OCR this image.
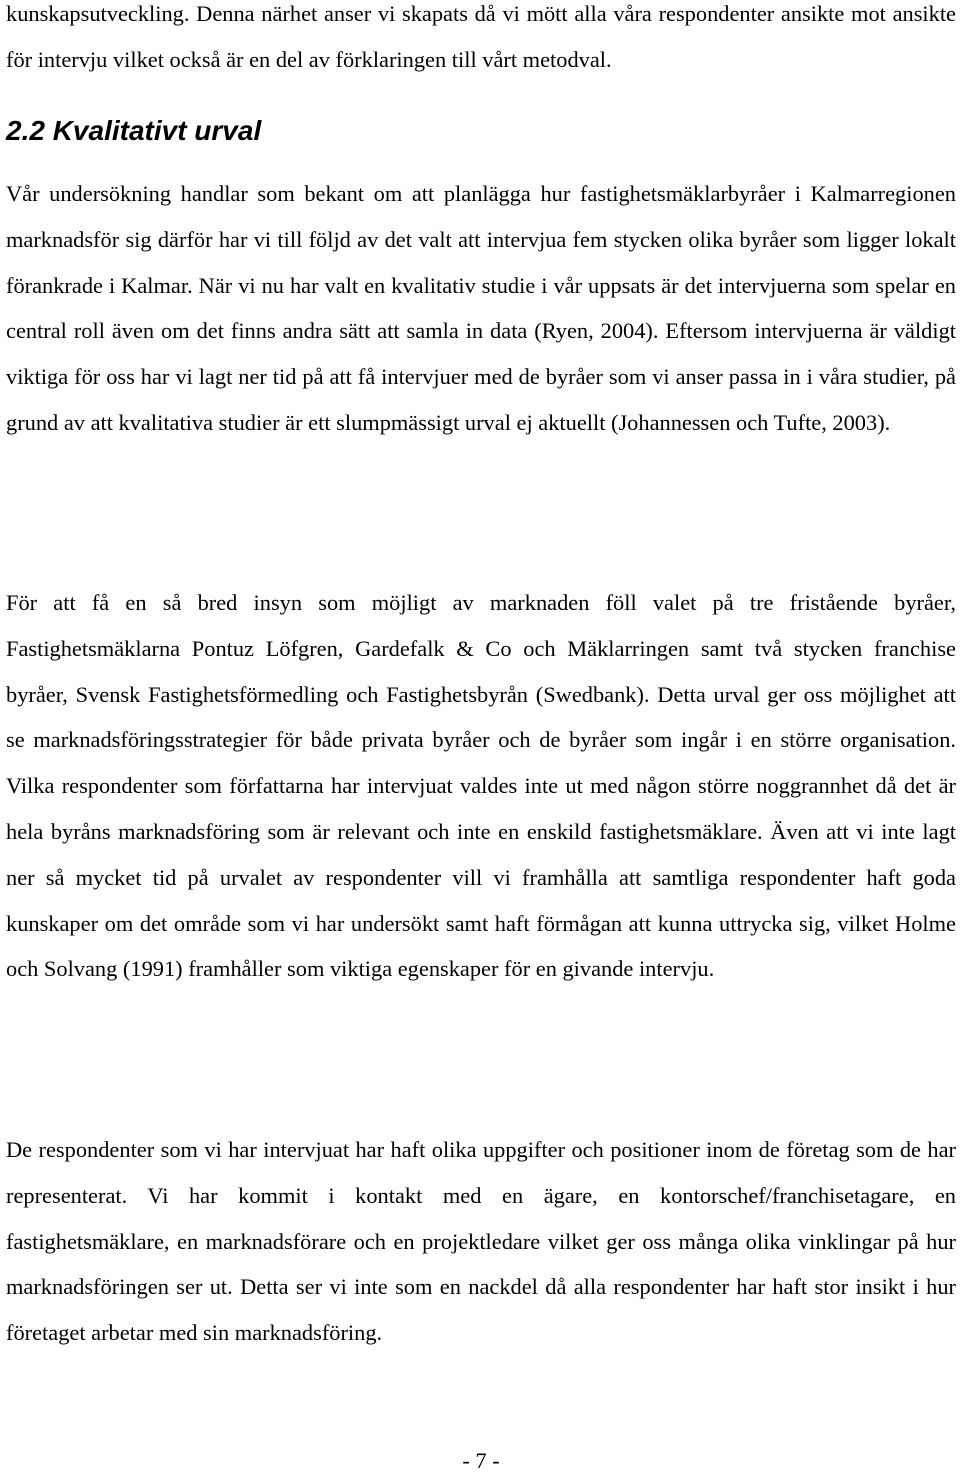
kunskapsutveckling. Denna närhet anser vi skapats då vi mött alla våra respondenter ansikte mot ansikte för intervju vilket också är en del av förklaringen till vårt metodval.

2.2 Kvalitativt urval

Vår undersökning handlar som bekant om att planlägga hur fastighetsmäklarbyråer i Kalmarregionen marknadsför sig därför har vi till följd av det valt att intervjua fem stycken olika byråer som ligger lokalt förankrade i Kalmar. När vi nu har valt en kvalitativ studie i vår uppsats är det intervjuerna som spelar en central roll även om det finns andra sätt att samla in data (Ryen, 2004). Eftersom intervjuerna är väldigt viktiga för oss har vi lagt ner tid på att få intervjuer med de byråer som vi anser passa in i våra studier, på grund av att kvalitativa studier är ett slumpmässigt urval ej aktuellt (Johannessen och Tufte, 2003).

För att få en så bred insyn som möjligt av marknaden föll valet på tre fristående byråer, Fastighetsmäklarna Pontuz Löfgren, Gardefalk & Co och Mäklarringen samt två stycken franchise byråer, Svensk Fastighetsförmedling och Fastighetsbyrån (Swedbank). Detta urval ger oss möjlighet att se marknadsföringsstrategier för både privata byråer och de byråer som ingår i en större organisation. Vilka respondenter som författarna har intervjuat valdes inte ut med någon större noggrannhet då det är hela byråns marknadsföring som är relevant och inte en enskild fastighetsmäklare. Även att vi inte lagt ner så mycket tid på urvalet av respondenter vill vi framhålla att samtliga respondenter haft goda kunskaper om det område som vi har undersökt samt haft förmågan att kunna uttrycka sig, vilket Holme och Solvang (1991) framhåller som viktiga egenskaper för en givande intervju.

De respondenter som vi har intervjuat har haft olika uppgifter och positioner inom de företag som de har representerat. Vi har kommit i kontakt med en ägare, en kontorschef/franchisetagare, en fastighetsmäklare, en marknadsförare och en projektledare vilket ger oss många olika vinklingar på hur marknadsföringen ser ut. Detta ser vi inte som en nackdel då alla respondenter har haft stor insikt i hur företaget arbetar med sin marknadsföring.

- 7 -
